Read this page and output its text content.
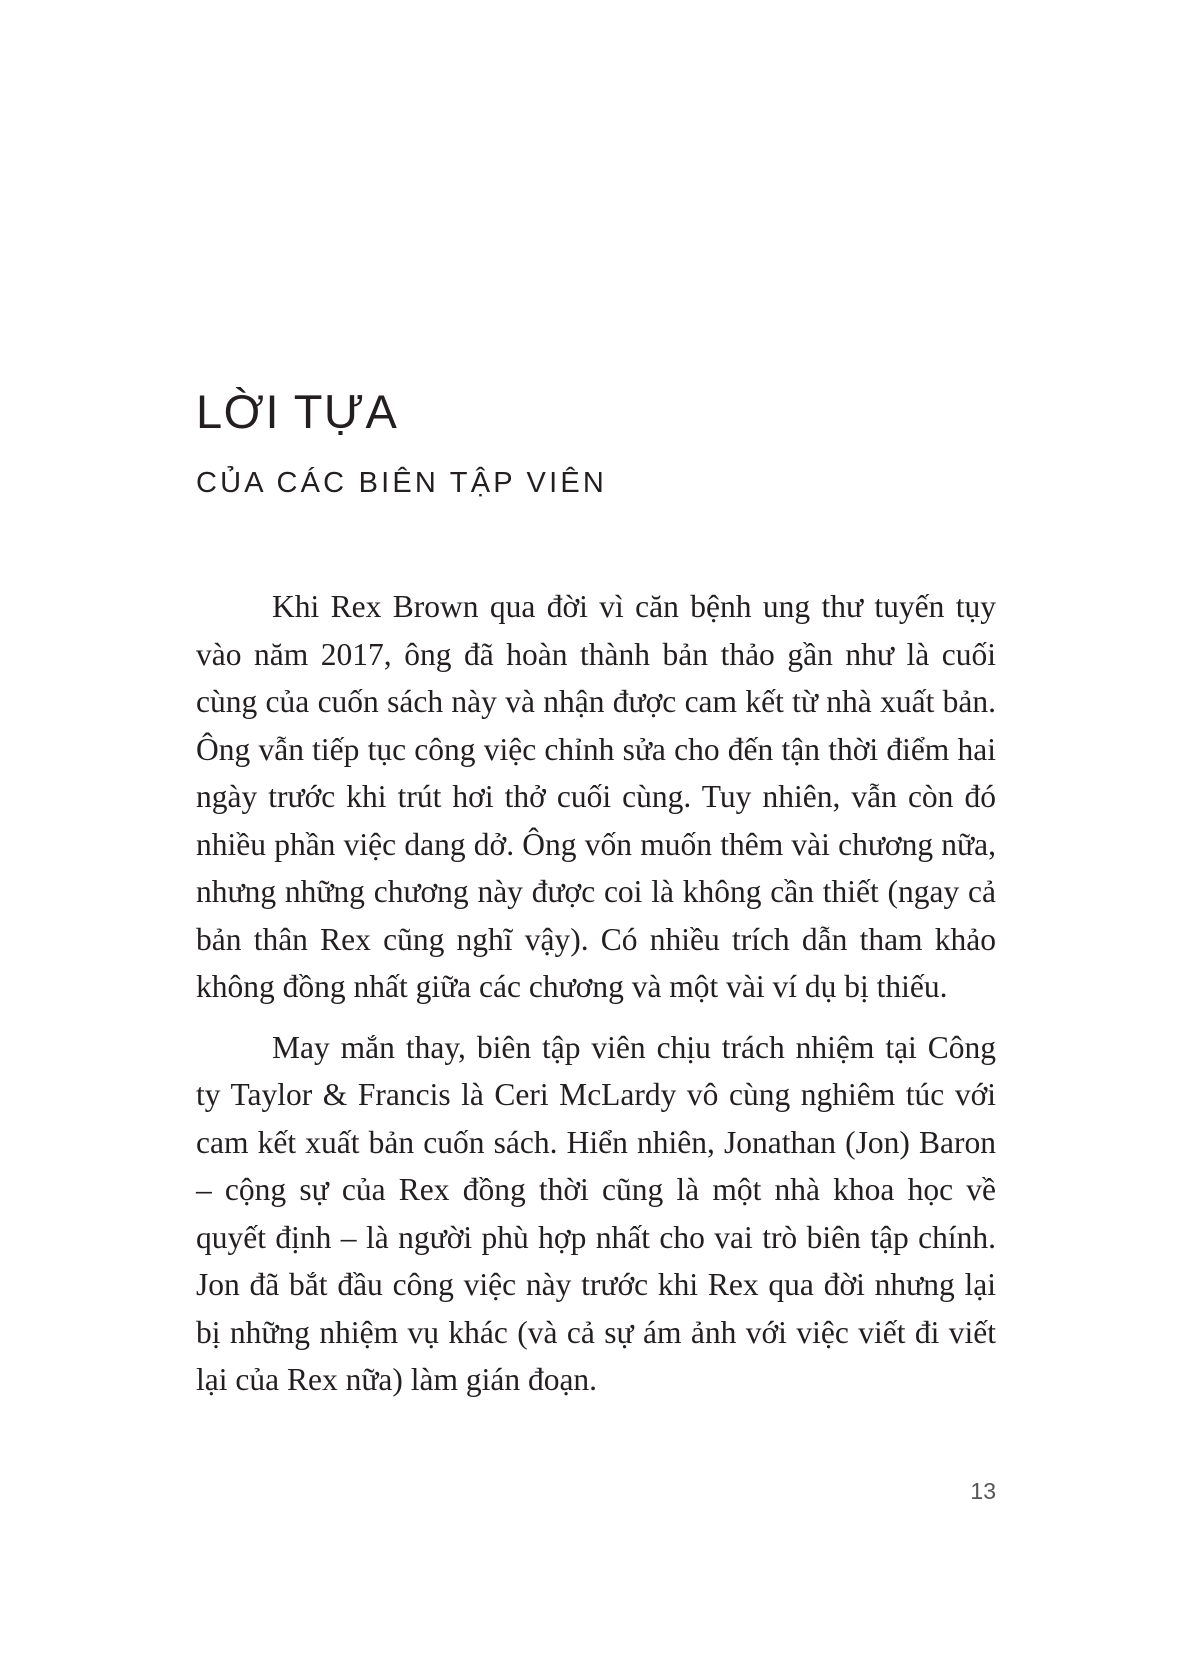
LỜI TỰA
CỦA CÁC BIÊN TẬP VIÊN

Khi Rex Brown qua đời vì căn bệnh ung thư tuyến tụy vào năm 2017, ông đã hoàn thành bản thảo gần như là cuối cùng của cuốn sách này và nhận được cam kết từ nhà xuất bản. Ông vẫn tiếp tục công việc chỉnh sửa cho đến tận thời điểm hai ngày trước khi trút hơi thở cuối cùng. Tuy nhiên, vẫn còn đó nhiều phần việc dang dở. Ông vốn muốn thêm vài chương nữa, nhưng những chương này được coi là không cần thiết (ngay cả bản thân Rex cũng nghĩ vậy). Có nhiều trích dẫn tham khảo không đồng nhất giữa các chương và một vài ví dụ bị thiếu.

May mắn thay, biên tập viên chịu trách nhiệm tại Công ty Taylor & Francis là Ceri McLardy vô cùng nghiêm túc với cam kết xuất bản cuốn sách. Hiển nhiên, Jonathan (Jon) Baron – cộng sự của Rex đồng thời cũng là một nhà khoa học về quyết định – là người phù hợp nhất cho vai trò biên tập chính. Jon đã bắt đầu công việc này trước khi Rex qua đời nhưng lại bị những nhiệm vụ khác (và cả sự ám ảnh với việc viết đi viết lại của Rex nữa) làm gián đoạn.

13
